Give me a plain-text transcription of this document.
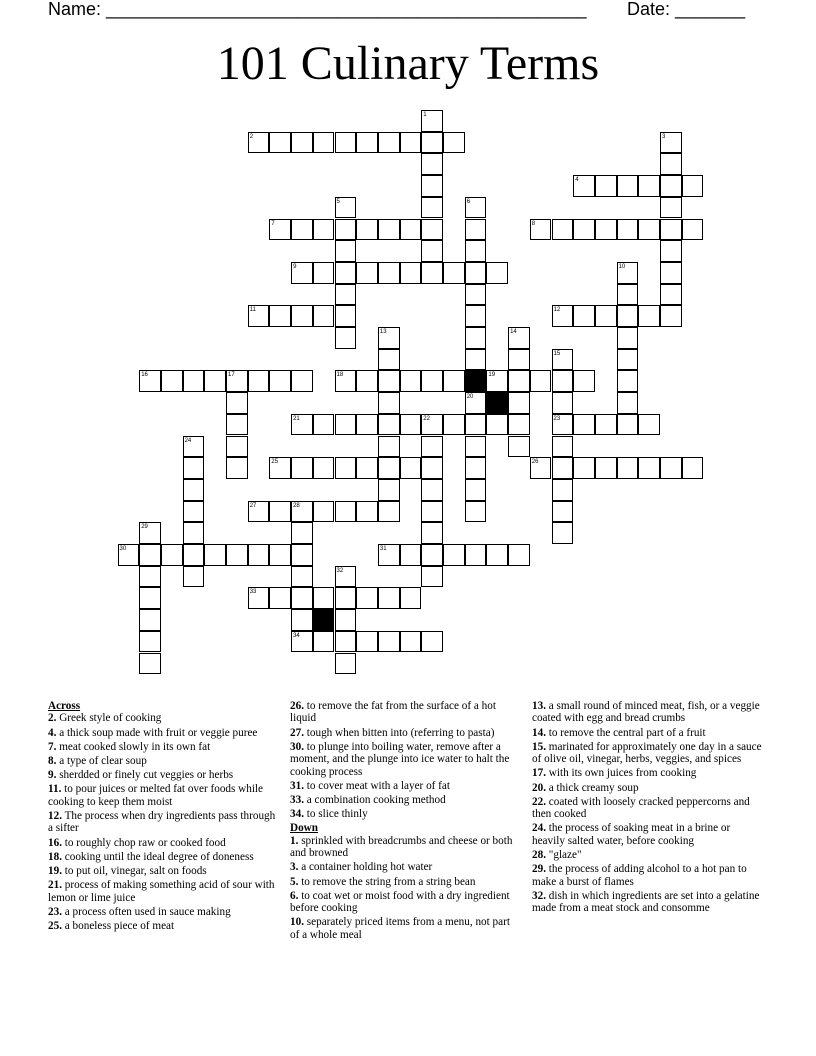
Name: ________________________________________________ Date: _______
101 Culinary Terms
2
4
7	8
9
11	12
16	17	18	19
21	22	23
25	26
27	28
30	31
33
34
1
3
5	6
10
13	14
15
20
24
29
32
Across
2. Greek style of cooking
4. a thick soup made with fruit or veggie puree
7. meat cooked slowly in its own fat
8. a type of clear soup
9. sherdded or finely cut veggies or herbs
11. to pour juices or melted fat over foods while cooking to keep them moist
12. The process when dry ingredients pass through a sifter
16. to roughly chop raw or cooked food
18. cooking until the ideal degree of doneness
19. to put oil, vinegar, salt on foods
21. process of making something acid of sour with lemon or lime juice
23. a process often used in sauce making
25. a boneless piece of meat
26. to remove the fat from the surface of a hot liquid
27. tough when bitten into (referring to pasta)
30. to plunge into boiling water, remove after a moment, and the plunge into ice water to halt the cooking process
31. to cover meat with a layer of fat
33. a combination cooking method
34. to slice thinly
Down
1. sprinkled with breadcrumbs and cheese or both and browned
3. a container holding hot water
5. to remove the string from a string bean
6. to coat wet or moist food with a dry ingredient before cooking
10. separately priced items from a menu, not part of a whole meal
13. a small round of minced meat, fish, or a veggie coated with egg and bread crumbs
14. to remove the central part of a fruit
15. marinated for approximately one day in a sauce of olive oil, vinegar, herbs, veggies, and spices
17. with its own juices from cooking
20. a thick creamy soup
22. coated with loosely cracked peppercorns and then cooked
24. the process of soaking meat in a brine or heavily salted water, before cooking
28. "glaze"
29. the process of adding alcohol to a hot pan to make a burst of flames
32. dish in which ingredients are set into a gelatine made from a meat stock and consomme
